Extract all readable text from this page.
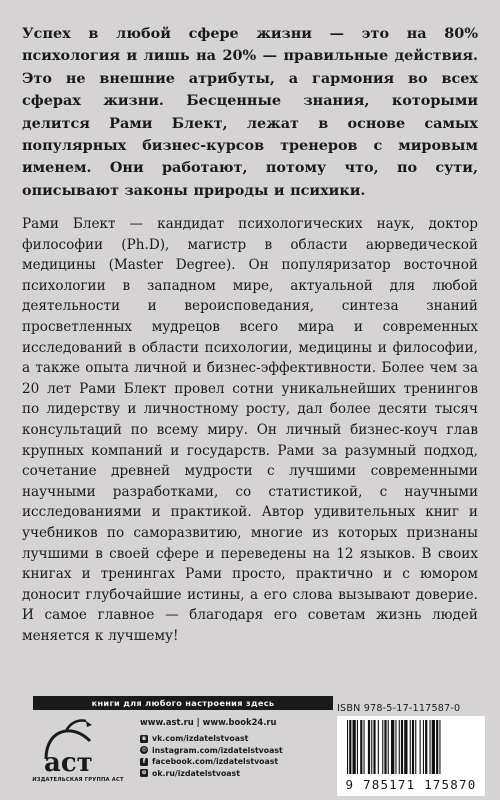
Успех в любой сфере жизни — это на 80% психология и лишь на 20% — правильные действия. Это не внешние атрибуты, а гармония во всех сферах жизни. Бесценные знания, которыми делится Рами Блект, лежат в основе самых популярных бизнес-курсов тренеров с мировым именем. Они работают, потому что, по сути, описывают законы природы и психики.
Рами Блект — кандидат психологических наук, доктор философии (Ph.D), магистр в области аюрведической медицины (Master Degree). Он популяризатор восточной психологии в западном мире, актуальной для любой деятельности и вероисповедания, синтеза знаний просветленных мудрецов всего мира и современных исследований в области психологии, медицины и философии, а также опыта личной и бизнес-эффективности. Более чем за 20 лет Рами Блект провел сотни уникальнейших тренингов по лидерству и личностному росту, дал более десяти тысяч консультаций по всему миру. Он личный бизнес-коуч глав крупных компаний и государств. Рами за разумный подход, сочетание древней мудрости с лучшими современными научными разработками, со статистикой, с научными исследованиями и практикой. Автор удивительных книг и учебников по саморазвитию, многие из которых признаны лучшими в своей сфере и переведены на 12 языков. В своих книгах и тренингах Рами просто, практично и с юмором доносит глубочайшие истины, а его слова вызывают доверие. И самое главное — благодаря его советам жизнь людей меняется к лучшему!
книги для любого настроения здесь
аст
ИЗДАТЕЛЬСКАЯ ГРУППА АСТ
www.ast.ru | www.book24.ru
в vk.com/izdatelstvoast
◎ instagram.com/izdatelstvoast
f facebook.com/izdatelstvoast
о ok.ru/izdatelstvoast
ISBN 978-5-17-117587-0
9 785171 175870
